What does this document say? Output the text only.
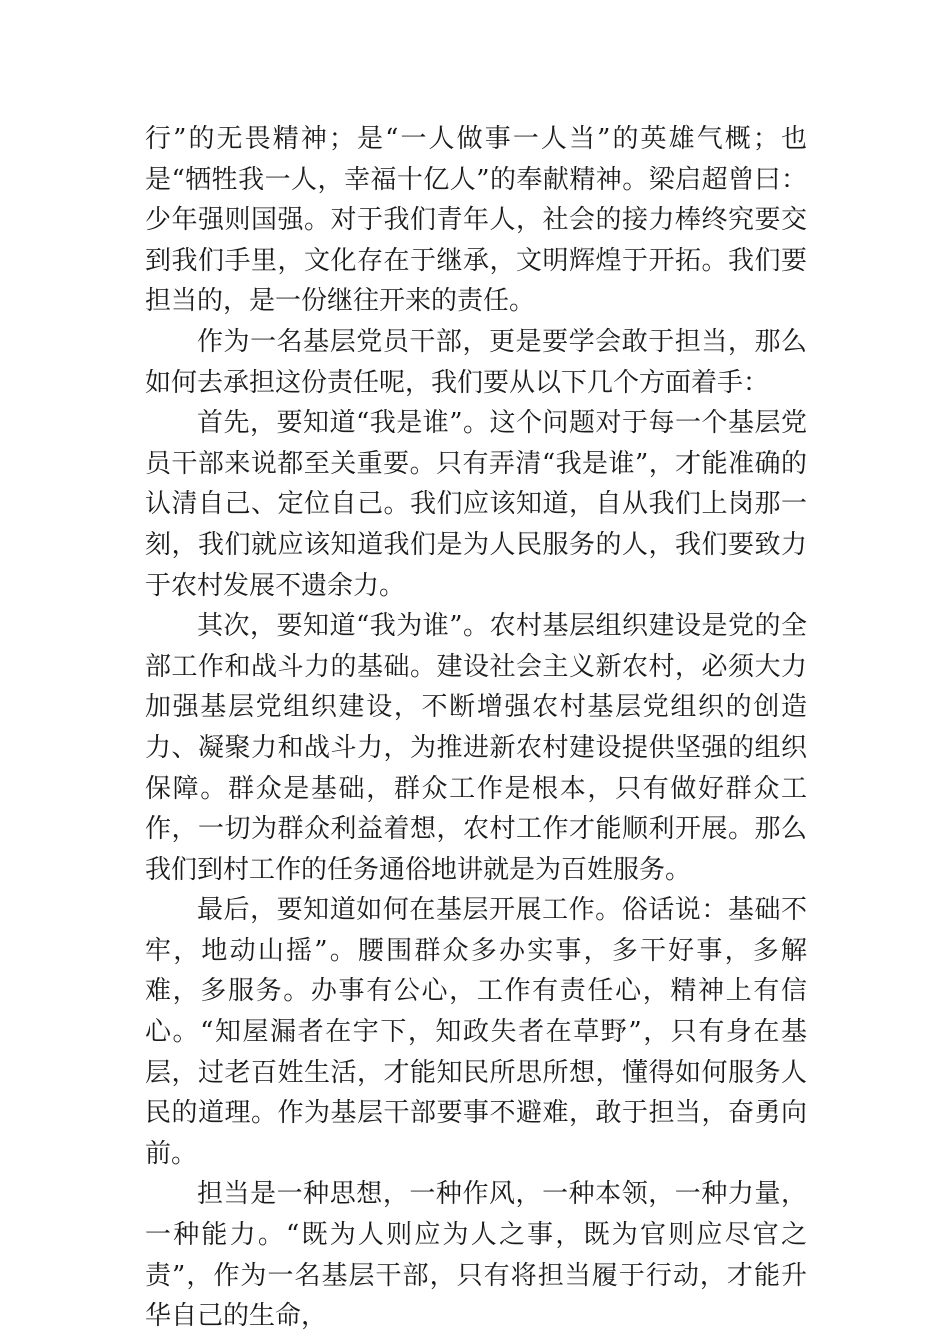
行”的无畏精神；是“一人做事一人当”的英雄气概；也是“牺牲我一人，幸福十亿人”的奉献精神。梁启超曾曰：少年强则国强。对于我们青年人，社会的接力棒终究要交到我们手里，文化存在于继承，文明辉煌于开拓。我们要担当的，是一份继往开来的责任。

作为一名基层党员干部，更是要学会敢于担当，那么如何去承担这份责任呢，我们要从以下几个方面着手：

首先，要知道“我是谁”。这个问题对于每一个基层党员干部来说都至关重要。只有弄清“我是谁”，才能准确的认清自己、定位自己。我们应该知道，自从我们上岗那一刻，我们就应该知道我们是为人民服务的人，我们要致力于农村发展不遗余力。

其次，要知道“我为谁”。农村基层组织建设是党的全部工作和战斗力的基础。建设社会主义新农村，必须大力加强基层党组织建设，不断增强农村基层党组织的创造力、凝聚力和战斗力，为推进新农村建设提供坚强的组织保障。群众是基础，群众工作是根本，只有做好群众工作，一切为群众利益着想，农村工作才能顺利开展。那么我们到村工作的任务通俗地讲就是为百姓服务。

最后，要知道如何在基层开展工作。俗话说：基础不牢，地动山摇”。腰围群众多办实事，多干好事，多解难，多服务。办事有公心，工作有责任心，精神上有信心。“知屋漏者在宇下，知政失者在草野”，只有身在基层，过老百姓生活，才能知民所思所想，懂得如何服务人民的道理。作为基层干部要事不避难，敢于担当，奋勇向前。

担当是一种思想，一种作风，一种本领，一种力量，一种能力。“既为人则应为人之事，既为官则应尽官之责”，作为一名基层干部，只有将担当履于行动，才能升华自己的生命，
